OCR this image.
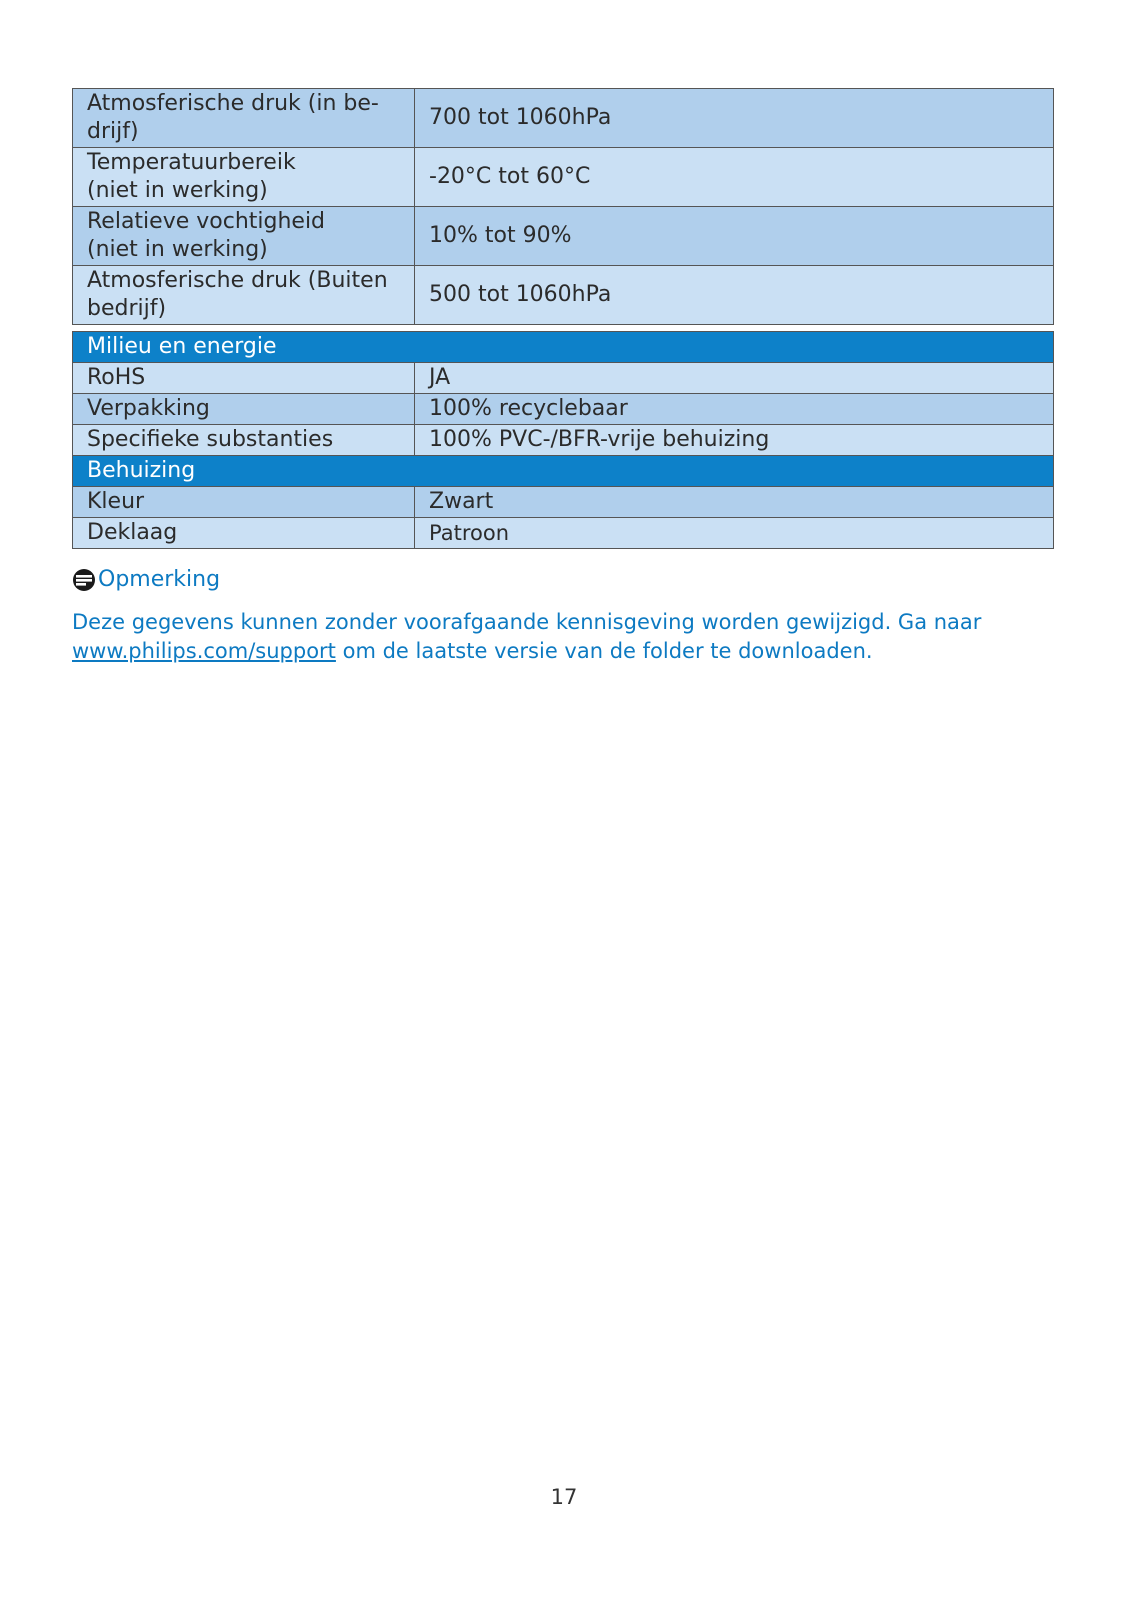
Atmosferische druk (in be-
drijf)	700 tot 1060hPa
Temperatuurbereik
(niet in werking)	-20°C tot 60°C
Relatieve vochtigheid
(niet in werking)	10% tot 90%
Atmosferische druk (Buiten
bedrijf)	500 tot 1060hPa
Milieu en energie	
RoHS	JA
Verpakking	100% recyclebaar
Specifieke substanties	100% PVC-/BFR-vrije behuizing
Behuizing	
Kleur	Zwart
Deklaag	Patroon
Opmerking

Deze gegevens kunnen zonder voorafgaande kennisgeving worden gewijzigd. Ga naar www.philips.com/support om de laatste versie van de folder te downloaden.

17
